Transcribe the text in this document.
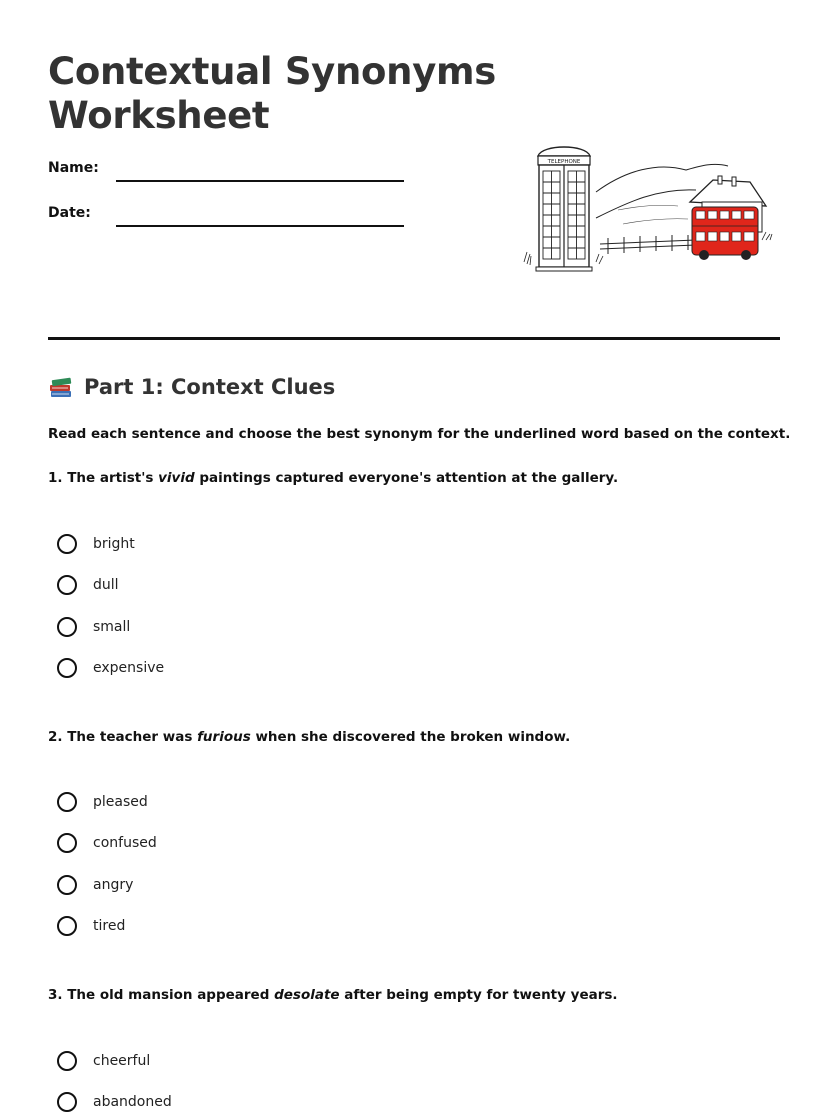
Contextual Synonyms
Worksheet
Name:
Date:
TELEPHONE
Part 1: Context Clues
Read each sentence and choose the best synonym for the underlined word based on the context.
1. The artist's vivid paintings captured everyone's attention at the gallery.
bright
dull
small
expensive
2. The teacher was furious when she discovered the broken window.
pleased
confused
angry
tired
3. The old mansion appeared desolate after being empty for twenty years.
cheerful
abandoned
